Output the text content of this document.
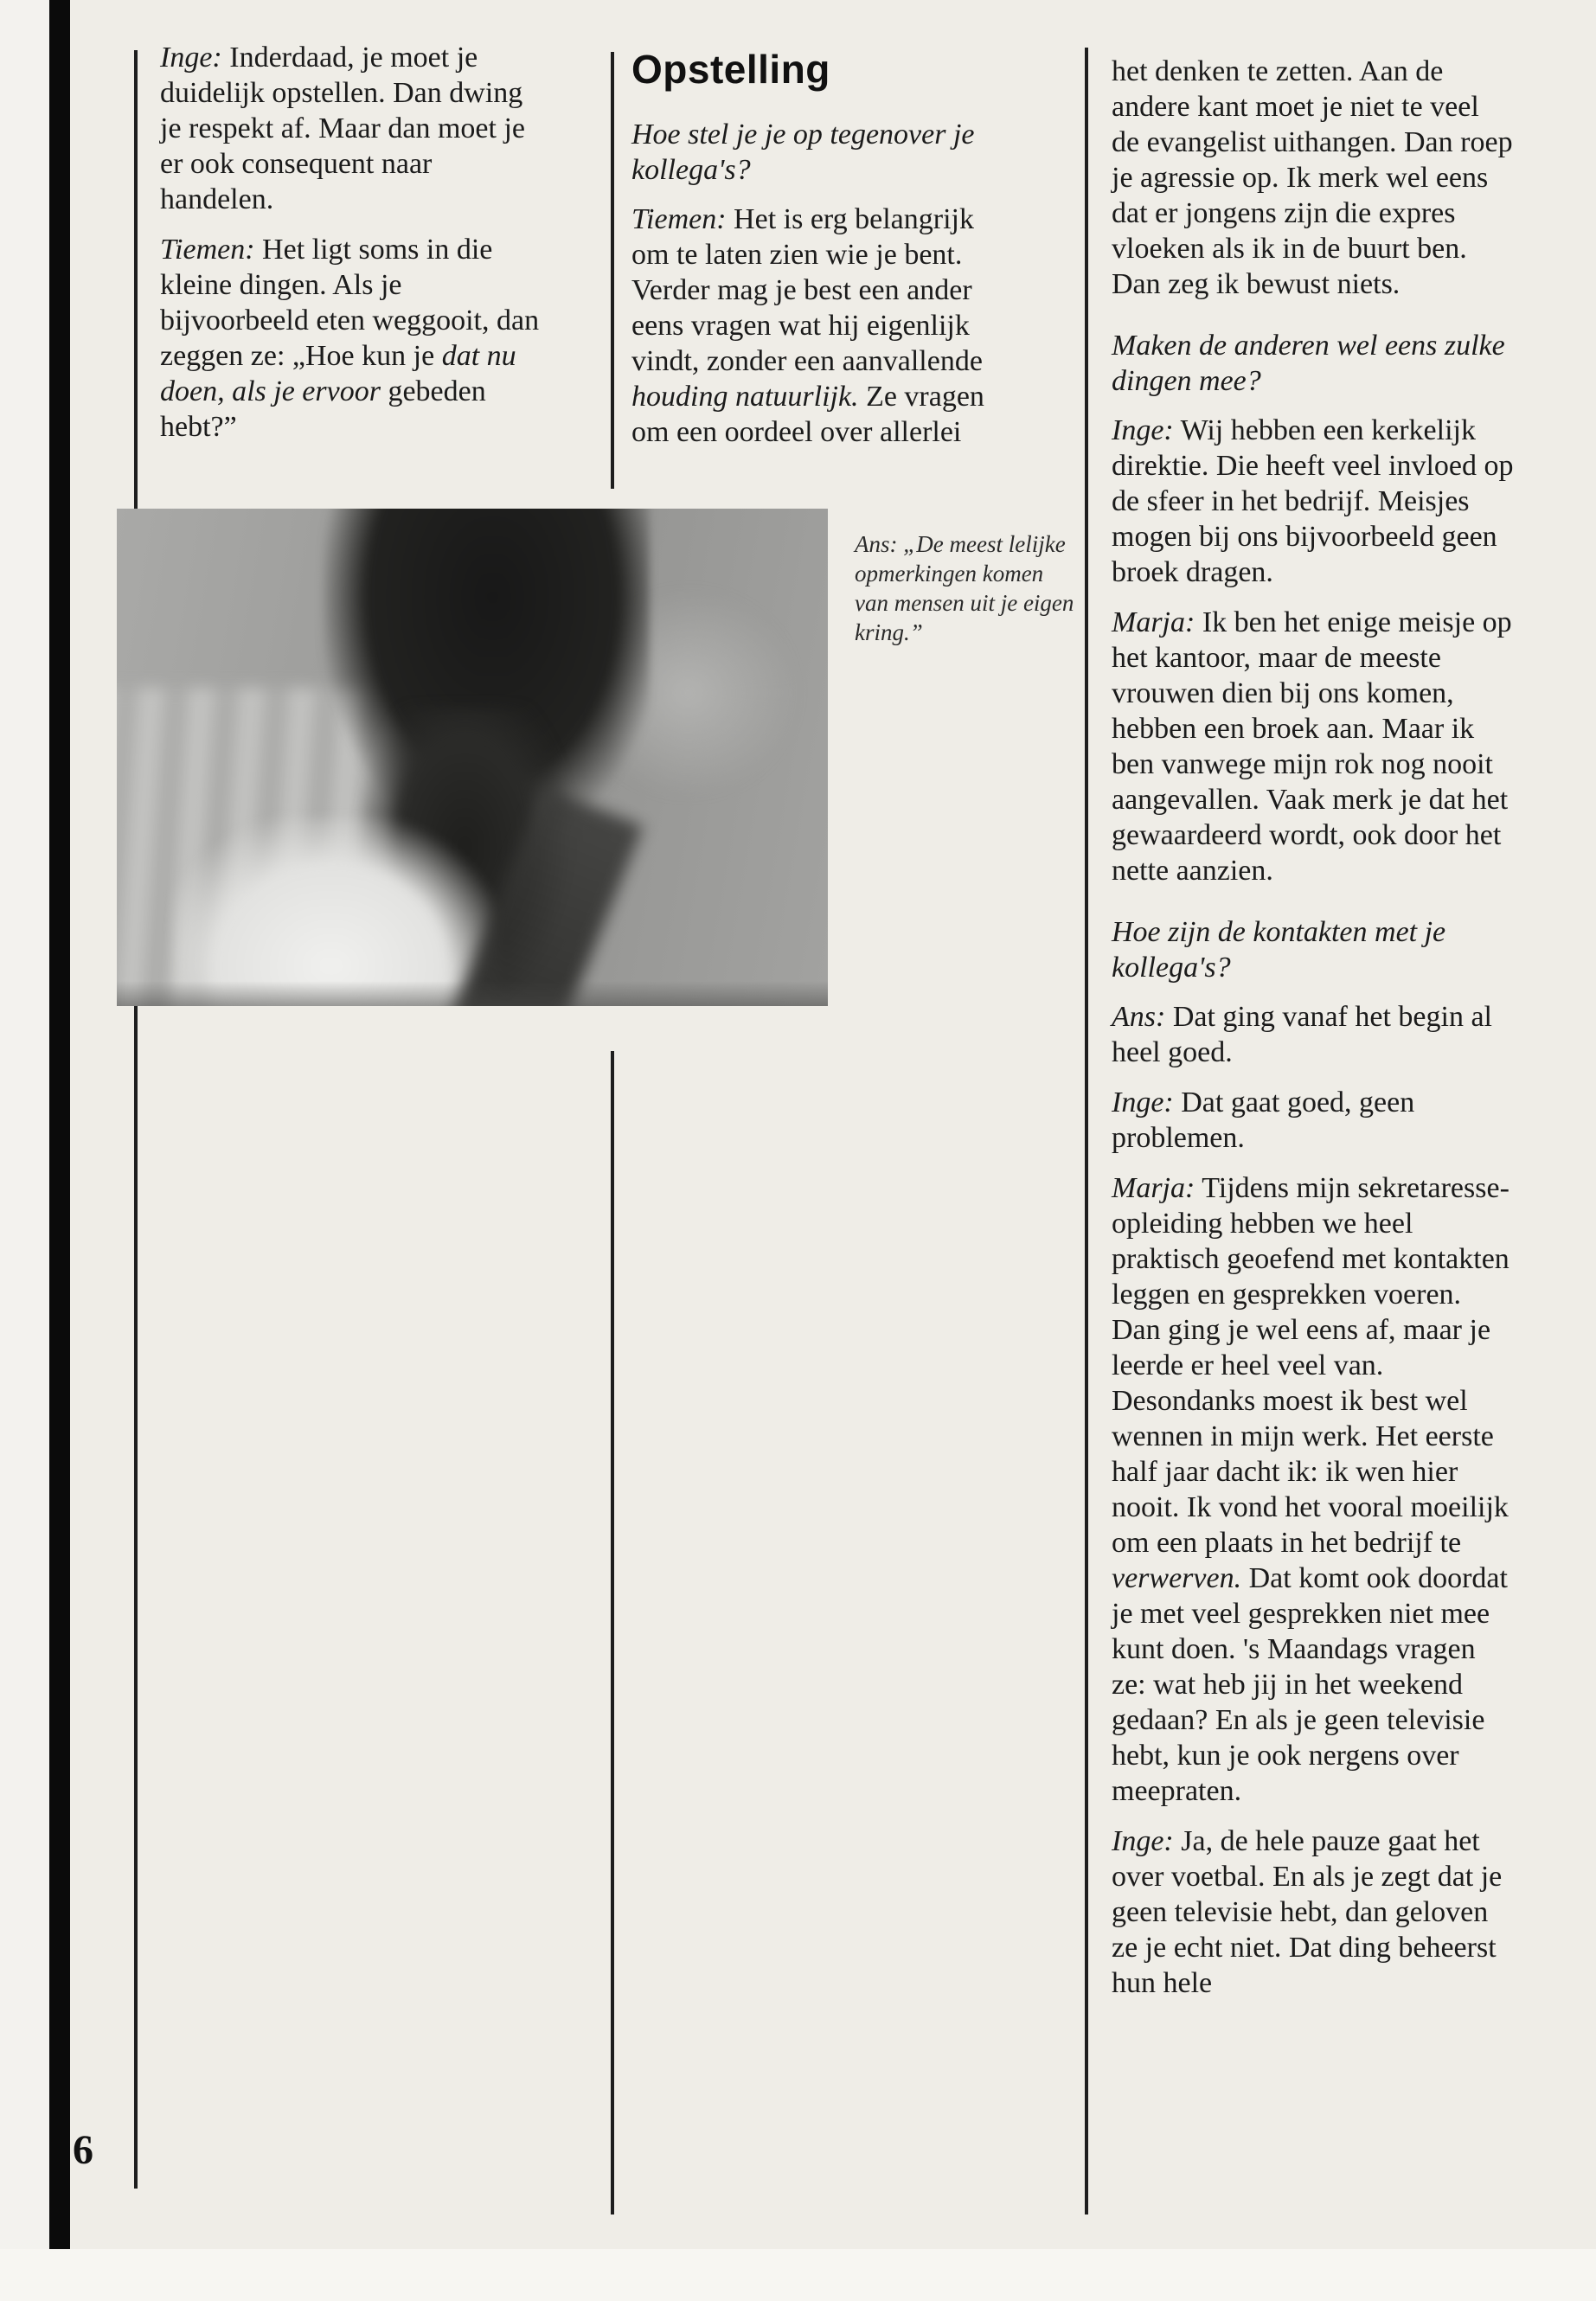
Inge: Inderdaad, je moet je duidelijk opstellen. Dan dwing je respekt af. Maar dan moet je er ook consequent naar handelen.

Tiemen: Het ligt soms in die kleine dingen. Als je bijvoorbeeld eten weggooit, dan zeggen ze: „Hoe kun je dat nu doen, als je ervoor gebeden hebt?”

Opstelling

Hoe stel je je op tegenover je kollega's?

Tiemen: Het is erg belangrijk om te laten zien wie je bent. Verder mag je best een ander eens vragen wat hij eigenlijk vindt, zonder een aanvallende houding natuurlijk. Ze vragen om een oordeel over allerlei

het denken te zetten. Aan de andere kant moet je niet te veel de evangelist uithangen. Dan roep je agressie op. Ik merk wel eens dat er jongens zijn die expres vloeken als ik in de buurt ben. Dan zeg ik bewust niets.

Maken de anderen wel eens zulke dingen mee?

Inge: Wij hebben een kerkelijk direktie. Die heeft veel invloed op de sfeer in het bedrijf. Meisjes mogen bij ons bijvoorbeeld geen broek dragen.

Marja: Ik ben het enige meisje op het kantoor, maar de meeste vrouwen dien bij ons komen, hebben een broek aan. Maar ik ben vanwege mijn rok nog nooit aangevallen. Vaak merk je dat het gewaardeerd wordt, ook door het nette aanzien.

Hoe zijn de kontakten met je kollega's?

Ans: Dat ging vanaf het begin al heel goed.

Inge: Dat gaat goed, geen problemen.

Marja: Tijdens mijn sekretaresse-opleiding hebben we heel praktisch geoefend met kontakten leggen en gesprekken voeren. Dan ging je wel eens af, maar je leerde er heel veel van. Desondanks moest ik best wel wennen in mijn werk. Het eerste half jaar dacht ik: ik wen hier nooit. Ik vond het vooral moeilijk om een plaats in het bedrijf te verwerven. Dat komt ook doordat je met veel gesprekken niet mee kunt doen. 's Maandags vragen ze: wat heb jij in het weekend gedaan? En als je geen televisie hebt, kun je ook nergens over meepraten.

Inge: Ja, de hele pauze gaat het over voetbal. En als je zegt dat je geen televisie hebt, dan geloven ze je echt niet. Dat ding beheerst hun hele

Ans: „De meest lelijke opmerkingen komen van mensen uit je eigen kring.”
6
